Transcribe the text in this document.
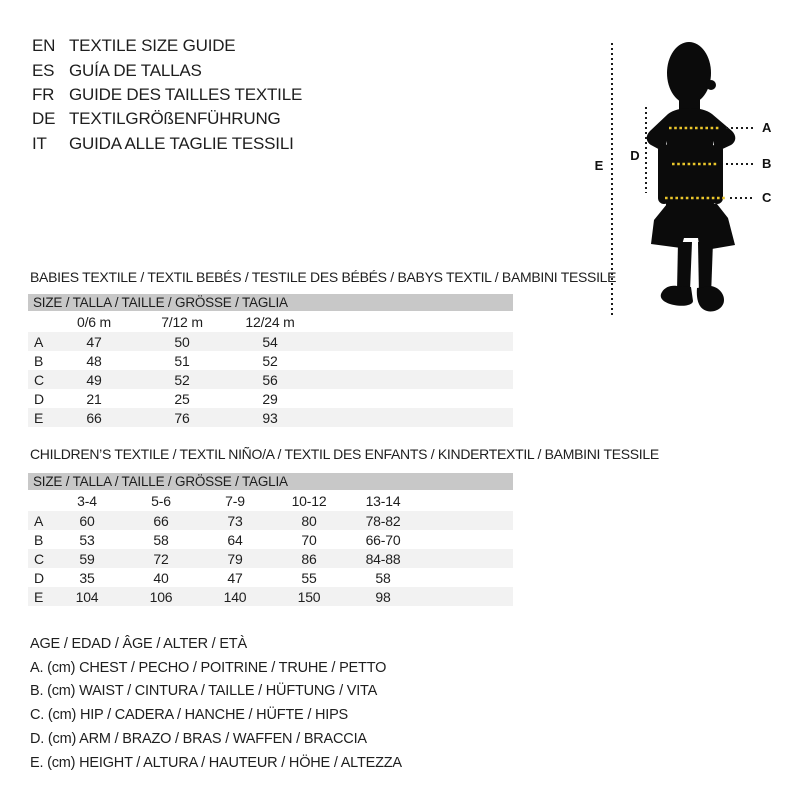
EN TEXTILE SIZE GUIDE
ES GUÍA DE TALLAS
FR GUIDE DES TAILLES TEXTILE
DE TEXTILGRÖßENFÜHRUNG
IT	GUIDA ALLE TAGLIE TESSILI
E
D
A
B
C
BABIES TEXTILE / TEXTIL BEBÉS / TESTILE DES BÉBÉS / BABYS TEXTIL / BAMBINI TESSILE
SIZE / TALLA / TAILLE / GRÖSSE / TAGLIA
	0/6 m	7/12 m	12/24 m	
A	47	50	54	
B	48	51	52	
C	49	52	56	
D	21	25	29	
E	66	76	93	
CHILDREN’S TEXTILE / TEXTIL NIÑO/A / TEXTIL DES ENFANTS / KINDERTEXTIL / BAMBINI TESSILE
SIZE / TALLA / TAILLE / GRÖSSE / TAGLIA
	3-4	5-6	7-9	10-12	13-14	
A	60	66	73	80	78-82	
B	53	58	64	70	66-70	
C	59	72	79	86	84-88	
D	35	40	47	55	58	
E	104	106	140	150	98	
AGE / EDAD / ÂGE / ALTER / ETÀ
A. (cm) CHEST / PECHO / POITRINE / TRUHE / PETTO
B. (cm) WAIST / CINTURA / TAILLE / HÜFTUNG / VITA
C. (cm) HIP / CADERA / HANCHE / HÜFTE / HIPS
D. (cm) ARM / BRAZO / BRAS / WAFFEN / BRACCIA
E. (cm) HEIGHT / ALTURA / HAUTEUR / HÖHE / ALTEZZA
